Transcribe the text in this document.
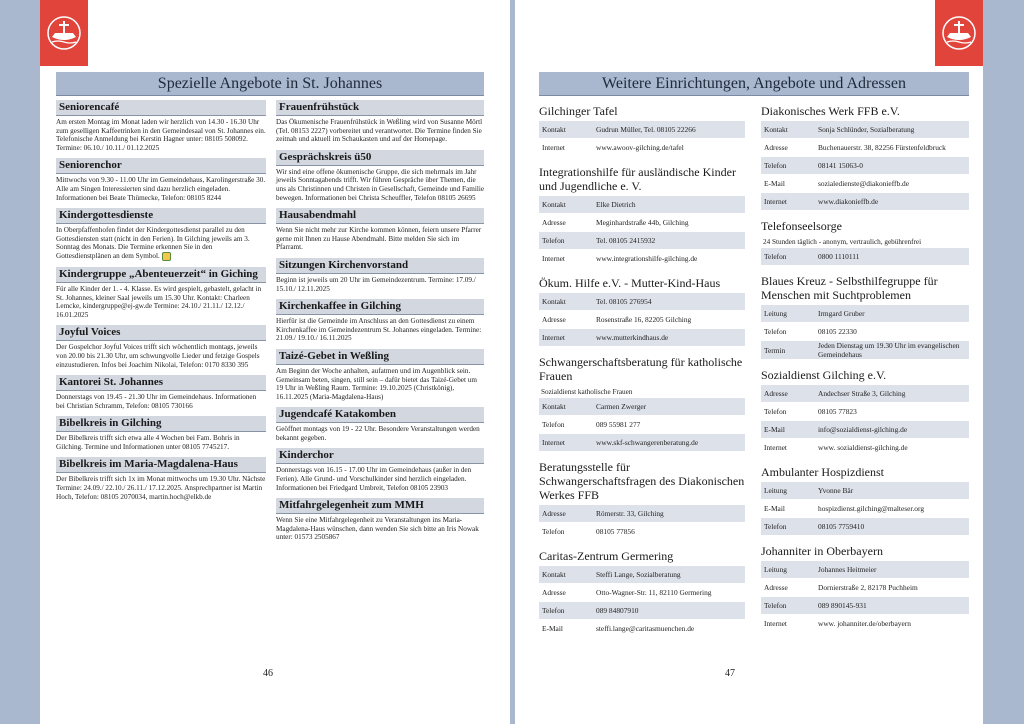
Spezielle Angebote in St. Johannes
Seniorencafé
Am ersten Montag im Monat laden wir herzlich von 14.30 - 16.30 Uhr zum geselligen Kaffeetrinken in den Gemeindesaal von St. Johannes ein. Telefonische Anmeldung bei Kerstin Hagner unter: 08105 508092. Termine: 06.10./ 10.11./ 01.12.2025
Seniorenchor
Mittwochs von 9.30 - 11.00 Uhr im Gemeindehaus, Karolingerstraße 30. Alle am Singen Interessierten sind dazu herzlich eingeladen. Informationen bei Beate Thümecke, Telefon: 08105 8244
Kindergottesdienste
In Oberpfaffenhofen findet der Kindergottesdienst parallel zu den Gottesdiensten statt (nicht in den Ferien). In Gilching jeweils am 3. Sonntag des Monats. Die Termine erkennen Sie in den Gottesdienstplänen an dem Symbol.
Kindergruppe „Abenteuerzeit“ in Giching
Für alle Kinder der 1. - 4. Klasse. Es wird gespielt, gebastelt, gelacht in St. Johannes, kleiner Saal jeweils um 15.30 Uhr. Kontakt: Charleen Lemcke, kindergruppe@ej-gw.de Termine: 24.10./ 21.11./ 12.12./ 16.01.2025
Joyful Voices
Der Gospelchor Joyful Voices trifft sich wöchentlich montags, jeweils von 20.00 bis 21.30 Uhr, um schwungvolle Lieder und fetzige Gospels einzustudieren. Infos bei Joachim Nikolai, Telefon: 0170 8330 395
Kantorei St. Johannes
Donnerstags von 19.45 - 21.30 Uhr im Gemeindehaus. Informationen bei Christian Schramm, Telefon: 08105 730166
Bibelkreis in Gilching
Der Bibelkreis trifft sich etwa alle 4 Wochen bei Fam. Bohris in Gilching. Termine und Informationen unter 08105 7745217.
Bibelkreis im Maria-Magdalena-Haus
Der Bibelkreis trifft sich 1x im Monat mittwochs um 19.30 Uhr. Nächste Termine: 24.09./ 22.10./ 26.11./ 17.12.2025. Ansprechpartner ist Martin Hoch, Telefon: 08105 2070034, martin.hoch@elkb.de
Frauenfrühstück
Das Ökumenische Frauenfrühstück in Weßling wird von Susanne Mörtl (Tel. 08153 2227) vorbereitet und verantwortet. Die Termine finden Sie zeitnah und aktuell im Schaukasten und auf der Homepage.
Gesprächskreis ü50
Wir sind eine offene ökumenische Gruppe, die sich mehrmals im Jahr jeweils Sonntagabends trifft. Wir führen Gespräche über Themen, die uns als Christinnen und Christen in Gesellschaft, Gemeinde und Familie bewegen. Informationen bei Christa Scheuffler, Telefon 08105 26695
Hausabendmahl
Wenn Sie nicht mehr zur Kirche kommen können, feiern unsere Pfarrer gerne mit Ihnen zu Hause Abendmahl. Bitte melden Sie sich im Pfarramt.
Sitzungen Kirchenvorstand
Beginn ist jeweils um 20 Uhr im Gemeindezentrum. Termine: 17.09./ 15.10./ 12.11.2025
Kirchenkaffee in Gilching
Hierfür ist die Gemeinde im Anschluss an den Gottesdienst zu einem Kirchenkaffee im Gemeindezentrum St. Johannes eingeladen. Termine: 21.09./ 19.10./ 16.11.2025
Taizé-Gebet in Weßling
Am Beginn der Woche anhalten, aufatmen und im Augenblick sein. Gemeinsam beten, singen, still sein – dafür bietet das Taizé-Gebet um 19 Uhr in Weßling Raum. Termine: 19.10.2025 (Christkönig), 16.11.2025 (Maria-Magdalena-Haus)
Jugendcafé Katakomben
Geöffnet montags von 19 - 22 Uhr. Besondere Veranstaltungen werden bekannt gegeben.
Kinderchor
Donnerstags von 16.15 - 17.00 Uhr im Gemeindehaus (außer in den Ferien). Alle Grund- und Vorschulkinder sind herzlich eingeladen. Informationen bei Friedgard Umbreit, Telefon 08105 23903
Mitfahrgelegenheit zum MMH
Wenn Sie eine Mitfahrgelegenheit zu Veranstaltungen ins Maria-Magdalena-Haus wünschen, dann wenden Sie sich bitte an Iris Nowak unter: 01573 2505867
46
Weitere Einrichtungen, Angebote und Adressen
Gilchinger Tafel
Kontakt	Gudrun Müller, Tel. 08105 22266
Internet	www.awoov-gilching.de/tafel
Integrationshilfe für ausländische Kinder und Jugendliche e. V.
Kontakt	Elke Dietrich
Adresse	Meginhardstraße 44b, Gilching
Telefon	Tel. 08105 2415932
Internet	www.integrationshilfe-gilching.de
Ökum. Hilfe e.V. - Mutter-Kind-Haus
Kontakt	Tel. 08105 276954
Adresse	Rosenstraße 16, 82205 Gilching
Internet	www.mutterkindhaus.de
Schwangerschaftsberatung für katholische Frauen
Sozialdienst katholische Frauen
Kontakt	Carmen Zwerger
Telefon	089 55981 277
Internet	www.skf-schwangerenberatung.de
Beratungsstelle für Schwangerschaftsfragen des Diakonischen Werkes FFB
Adresse	Römerstr. 33, Gilching
Telefon	08105 77856
Caritas-Zentrum Germering
Kontakt	Steffi Lange, Sozialberatung
Adresse	Otto-Wagner-Str. 11, 82110 Germering
Telefon	089 84807910
E-Mail	steffi.lange@caritasmuenchen.de
Diakonisches Werk FFB e.V.
Kontakt	Sonja Schlünder, Sozialberatung
Adresse	Buchenauerstr. 38, 82256 Fürstenfeldbruck
Telefon	08141 15063-0
E-Mail	sozialedienste@diakonieffb.de
Internet	www.diakonieffb.de
Telefonseelsorge
24 Stunden täglich - anonym, vertraulich, gebührenfrei
Telefon	0800 1110111
Blaues Kreuz - Selbsthilfegruppe für Menschen mit Suchtproblemen
Leitung	Irmgard Gruber
Telefon	08105 22330
Termin	Jeden Dienstag um 19.30 Uhr im evangelischen Gemeindehaus
Sozialdienst Gilching e.V.
Adresse	Andechser Straße 3, Gilching
Telefon	08105 77823
E-Mail	info@sozialdienst-gilching.de
Internet	www. sozialdienst-gilching.de
Ambulanter Hospizdienst
Leitung	Yvonne Bär
E-Mail	hospizdienst.gilching@malteser.org
Telefon	08105 7759410
Johanniter in Oberbayern
Leitung	Johannes Heitmeier
Adresse	Dornierstraße 2, 82178 Puchheim
Telefon	089 890145-931
Internet	www. johanniter.de/oberbayern
47
